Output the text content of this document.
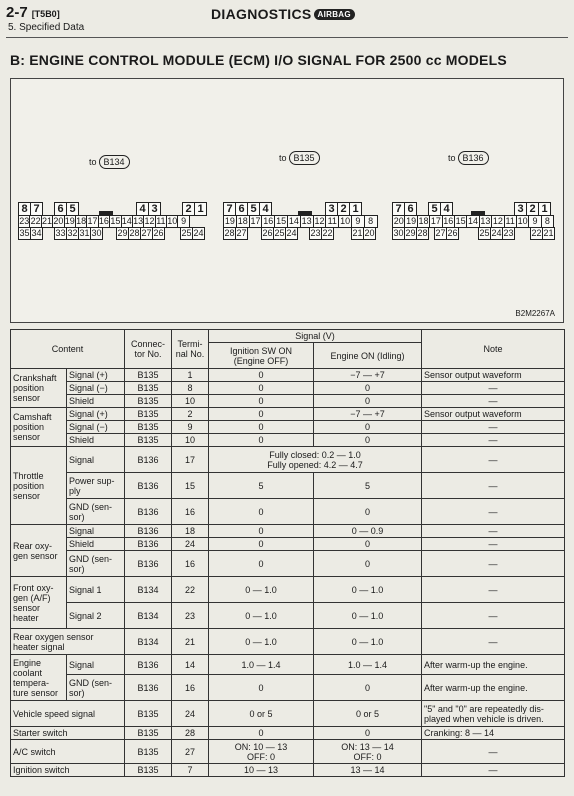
2-7 [T5B0]
5. Specified Data
DIAGNOSTICS AIRBAG
B: ENGINE CONTROL MODULE (ECM) I/O SIGNAL FOR 2500 cc MODELS
to B134
8 7	6 5	4 3	2 1
23 22 21 20 19 18 17 16 15 14 13 12 11 10 9
35 34 33 32 31 30 29 28 27 26 25 24
to B135
7 6 5 4	3 2 1
19 18 17 16 15 14 13 12 11 10 9 8
28 27 26 25 24 23 22 21 20
to B136
7 6	5 4	3 2 1
20 19 18 17 16 15 14 13 12 11 10 9 8
30 29 28 27 26 25 24 23 22 21
B2M2267A
Content		Connec-
tor No.	Termi-
nal No.	Signal (V)		Note
				Ignition SW ON
(Engine OFF)	Engine ON (Idling)	
Crankshaft
position
sensor	Signal (+)	B135	1	0	−7 — +7	Sensor output waveform
	Signal (−)	B135	8	0	0	—
	Shield	B135	10	0	0	—
Camshaft
position
sensor	Signal (+)	B135	2	0	−7 — +7	Sensor output waveform
	Signal (−)	B135	9	0	0	—
	Shield	B135	10	0	0	—
Throttle
position
sensor	Signal	B136	17	Fully closed: 0.2 — 1.0
Fully opened: 4.2 — 4.7		—
	Power sup-
ply	B136	15	5	5	—
	GND (sen-
sor)	B136	16	0	0	—
Rear oxy-
gen sensor	Signal	B136	18	0	0 — 0.9	—
	Shield	B136	24	0	0	—
	GND (sen-
sor)	B136	16	0	0	—
Front oxy-
gen (A/F)
sensor
heater	Signal 1	B134	22	0 — 1.0	0 — 1.0	—
	Signal 2	B134	23	0 — 1.0	0 — 1.0	—
Rear oxygen sensor
heater signal		B134	21	0 — 1.0	0 — 1.0	—
Engine
coolant
tempera-
ture sensor	Signal	B136	14	1.0 — 1.4	1.0 — 1.4	After warm-up the engine.
	GND (sen-
sor)	B136	16	0	0	After warm-up the engine.
Vehicle speed signal		B135	24	0 or 5	0 or 5	"5" and "0" are repeatedly dis-
played when vehicle is driven.
Starter switch		B135	28	0	0	Cranking: 8 — 14
A/C switch		B135	27	ON: 10 — 13
OFF: 0	ON: 13 — 14
OFF: 0	—
Ignition switch		B135	7	10 — 13	13 — 14	—
